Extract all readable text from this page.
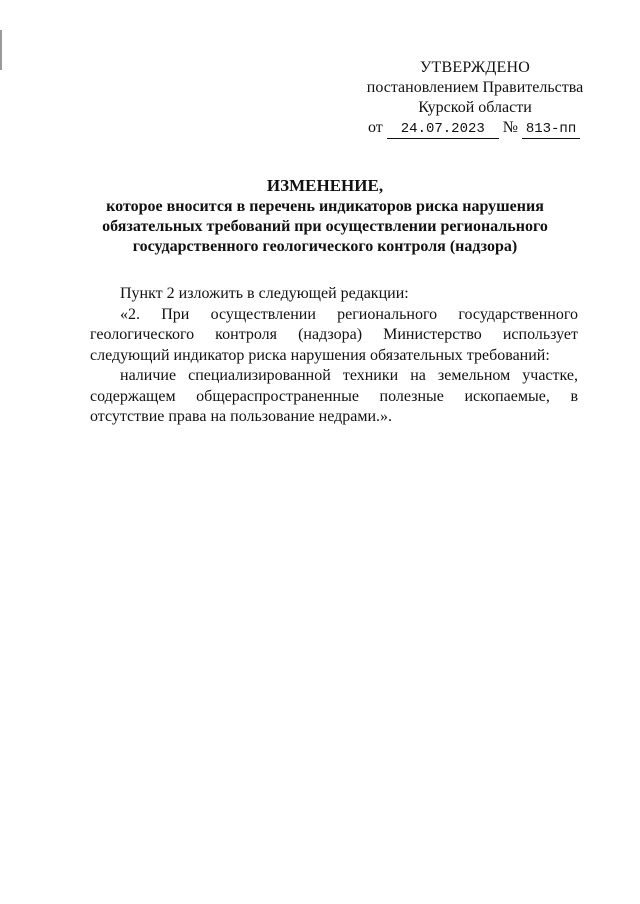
УТВЕРЖДЕНО
постановлением Правительства
Курской области
от 24.07.2023 № 813-пп
ИЗМЕНЕНИЕ,
которое вносится в перечень индикаторов риска нарушения обязательных требований при осуществлении регионального государственного геологического контроля (надзора)

Пункт 2 изложить в следующей редакции:

«2. При осуществлении регионального государственного геологического контроля (надзора) Министерство использует следующий индикатор риска нарушения обязательных требований:

наличие специализированной техники на земельном участке, содержащем общераспространенные полезные ископаемые, в отсутствие права на пользование недрами.».
